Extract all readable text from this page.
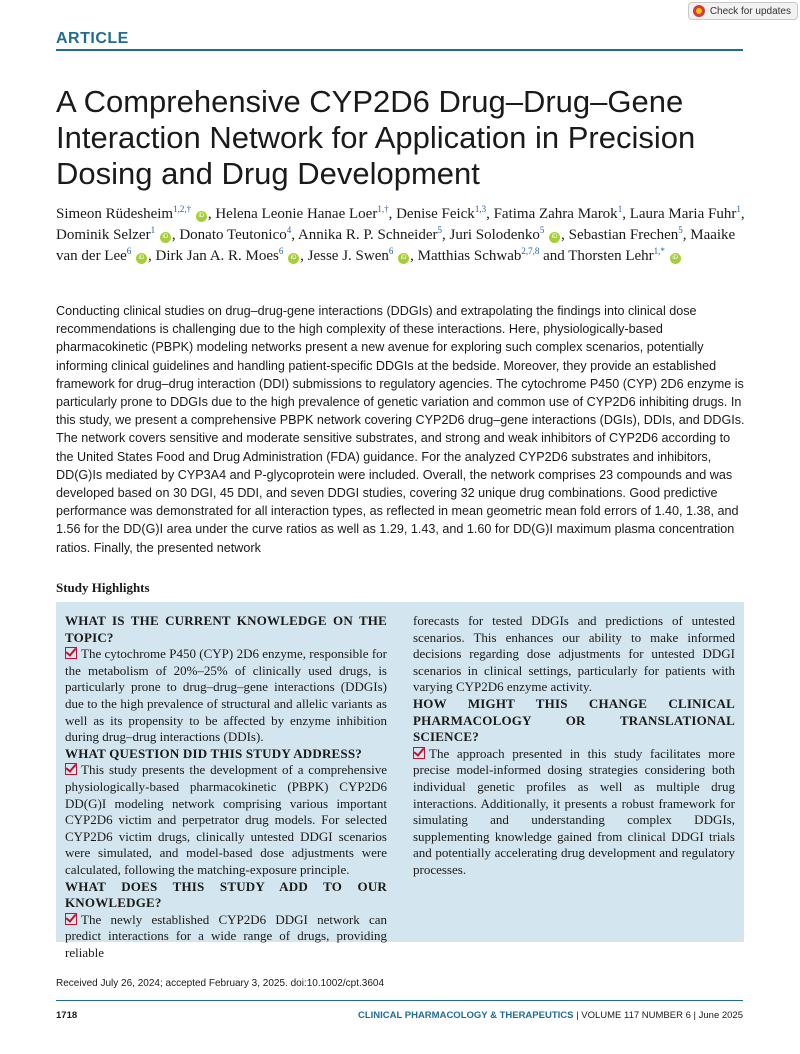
Check for updates
ARTICLE
A Comprehensive CYP2D6 Drug–Drug–Gene Interaction Network for Application in Precision Dosing and Drug Development

Simeon Rüdesheim$^{1,2,\dagger}$ iD , Helena Leonie Hanae Loer$^{1,\dagger}$, Denise Feick$^{1,3}$, Fatima Zahra Marok$^1$, Laura Maria Fuhr$^1$, Dominik Selzer$^1$ iD , Donato Teutonico$^4$, Annika R. P. Schneider$^5$, Juri Solodenko$^5$ iD , Sebastian Frechen$^5$, Maaike van der Lee$^6$ iD , Dirk Jan A. R. Moes$^6$ iD , Jesse J. Swen$^6$ iD , Matthias Schwab$^{2,7,8}$ and Thorsten Lehr$^{1,*}$ iD

Conducting clinical studies on drug–drug-gene interactions (DDGIs) and extrapolating the findings into clinical dose recommendations is challenging due to the high complexity of these interactions. Here, physiologically-based pharmacokinetic (PBPK) modeling networks present a new avenue for exploring such complex scenarios, potentially informing clinical guidelines and handling patient-specific DDGIs at the bedside. Moreover, they provide an established framework for drug–drug interaction (DDI) submissions to regulatory agencies. The cytochrome P450 (CYP) 2D6 enzyme is particularly prone to DDGIs due to the high prevalence of genetic variation and common use of CYP2D6 inhibiting drugs. In this study, we present a comprehensive PBPK network covering CYP2D6 drug–gene interactions (DGIs), DDIs, and DDGIs. The network covers sensitive and moderate sensitive substrates, and strong and weak inhibitors of CYP2D6 according to the United States Food and Drug Administration (FDA) guidance. For the analyzed CYP2D6 substrates and inhibitors, DD(G)Is mediated by CYP3A4 and P-glycoprotein were included. Overall, the network comprises 23 compounds and was developed based on 30 DGI, 45 DDI, and seven DDGI studies, covering 32 unique drug combinations. Good predictive performance was demonstrated for all interaction types, as reflected in mean geometric mean fold errors of 1.40, 1.38, and 1.56 for the DD(G)I area under the curve ratios as well as 1.29, 1.43, and 1.60 for DD(G)I maximum plasma concentration ratios. Finally, the presented network

Study Highlights

WHAT IS THE CURRENT KNOWLEDGE ON THE TOPIC?

The cytochrome P450 (CYP) 2D6 enzyme, responsible for the metabolism of 20%–25% of clinically used drugs, is particularly prone to drug–drug–gene interactions (DDGIs) due to the high prevalence of structural and allelic variants as well as its propensity to be affected by enzyme inhibition during drug–drug interactions (DDIs).

WHAT QUESTION DID THIS STUDY ADDRESS?

This study presents the development of a comprehensive physiologically-based pharmacokinetic (PBPK) CYP2D6 DD(G)I modeling network comprising various important CYP2D6 victim and perpetrator drug models. For selected CYP2D6 victim drugs, clinically untested DDGI scenarios were simulated, and model-based dose adjustments were calculated, following the matching-exposure principle.

WHAT DOES THIS STUDY ADD TO OUR KNOWLEDGE?

The newly established CYP2D6 DDGI network can predict interactions for a wide range of drugs, providing reliable

forecasts for tested DDGIs and predictions of untested scenarios. This enhances our ability to make informed decisions regarding dose adjustments for untested DDGI scenarios in clinical settings, particularly for patients with varying CYP2D6 enzyme activity.

HOW MIGHT THIS CHANGE CLINICAL PHARMACOLOGY OR TRANSLATIONAL SCIENCE?

The approach presented in this study facilitates more precise model-informed dosing strategies considering both individual genetic profiles as well as multiple drug interactions. Additionally, it presents a robust framework for simulating and understanding complex DDGIs, supplementing knowledge gained from clinical DDGI trials and potentially accelerating drug development and regulatory processes.

Received July 26, 2024; accepted February 3, 2025. doi:10.1002/cpt.3604
1718	CLINICAL PHARMACOLOGY & THERAPEUTICS | VOLUME 117 NUMBER 6 | June 2025
